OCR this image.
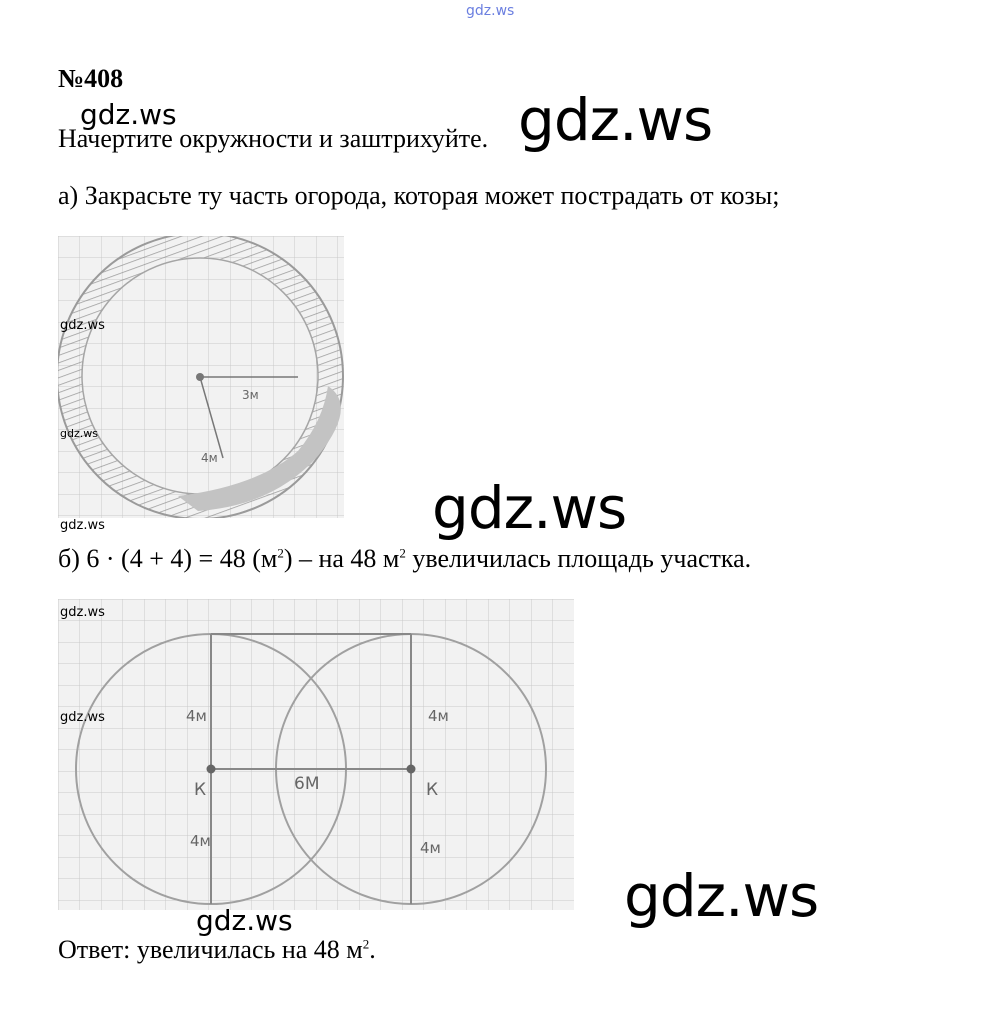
gdz.ws
№408
Начертите окружности и заштрихуйте.
а) Закрасьте ту часть огорода, которая может пострадать от козы;
3м
4м
б) 6 · (4 + 4) = 48 $(м^2)$ – на 48 $м^2$ увеличилась площадь участка.
4м	4м
К	6М	К
4м	4м
Ответ: увеличилась на 48 $м^2$.
gdz.ws	gdz.ws
gdz.ws
gdz.ws
gdz.ws
gdz.ws
gdz.ws
gdz.ws
gdz.ws
gdz.ws
